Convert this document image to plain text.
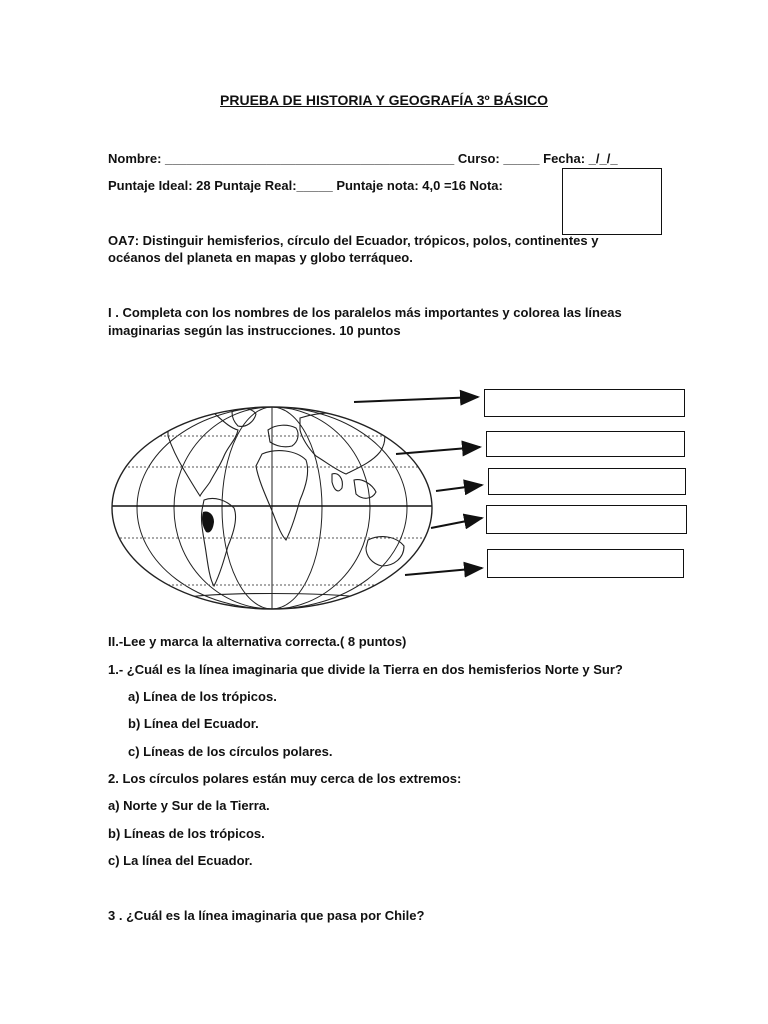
PRUEBA DE HISTORIA Y GEOGRAFÍA 3º BÁSICO
Nombre: ________________________________________ Curso: _____ Fecha: _/_/_
Puntaje Ideal: 28 Puntaje Real:_____ Puntaje nota: 4,0 =16 Nota:
OA7: Distinguir hemisferios, círculo del Ecuador, trópicos, polos, continentes y
océanos del planeta en mapas y globo terráqueo.
I . Completa con los nombres de los paralelos más importantes y colorea las líneas
imaginarias según las instrucciones. 10 puntos
II.-Lee y marca la alternativa correcta.( 8 puntos)
1.- ¿Cuál es la línea imaginaria que divide la Tierra en dos hemisferios Norte y Sur?
a) Línea de los trópicos.
b) Línea del Ecuador.
c) Líneas de los círculos polares.
2. Los círculos polares están muy cerca de los extremos:
a) Norte y Sur de la Tierra.
b) Líneas de los trópicos.
c) La línea del Ecuador.
3 . ¿Cuál es la línea imaginaria que pasa por Chile?
